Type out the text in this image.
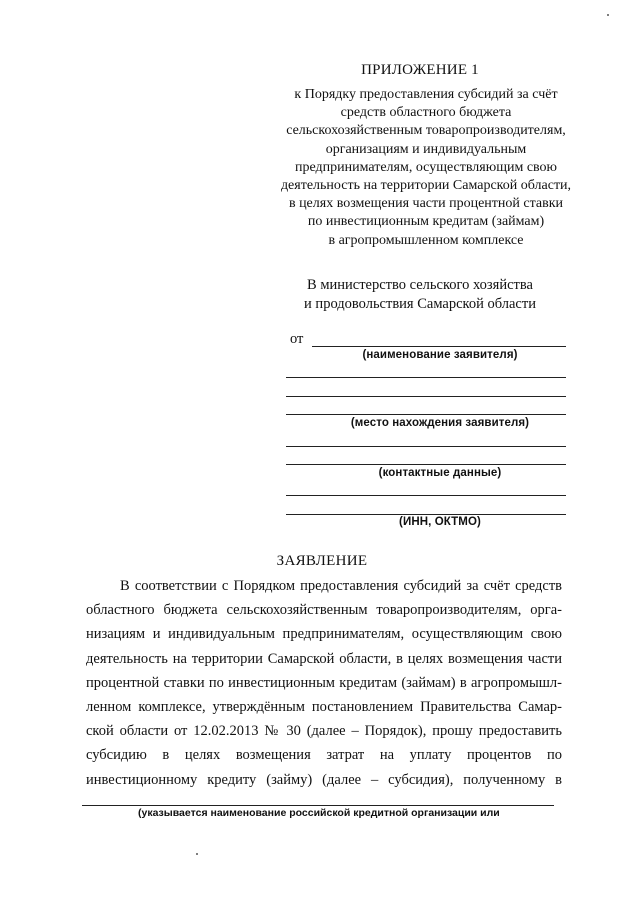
ПРИЛОЖЕНИЕ 1
к Порядку предоставления субсидий за счёт
средств областного бюджета
сельскохозяйственным товаропроизводителям,
организациям и индивидуальным
предпринимателям, осуществляющим свою
деятельность на территории Самарской области,
в целях возмещения части процентной ставки
по инвестиционным кредитам (займам)
в агропромышленном комплексе
В министерство сельского хозяйства
и продовольствия Самарской области
от
(наименование заявителя)
(место нахождения заявителя)
(контактные данные)
(ИНН, ОКТМО)
ЗАЯВЛЕНИЕ
В соответствии с Порядком предоставления субсидий за счёт средств
областного бюджета сельскохозяйственным товаропроизводителям, орга-
низациям и индивидуальным предпринимателям, осуществляющим свою
деятельность на территории Самарской области, в целях возмещения части
процентной ставки по инвестиционным кредитам (займам) в агропромышл-
ленном комплексе, утверждённым постановлением Правительства Самар-
ской области от 12.02.2013 № 30 (далее – Порядок), прошу предоставить
субсидию в целях возмещения затрат на уплату процентов по
инвестиционному кредиту (займу) (далее – субсидия), полученному в
(указывается наименование российской кредитной организации или
